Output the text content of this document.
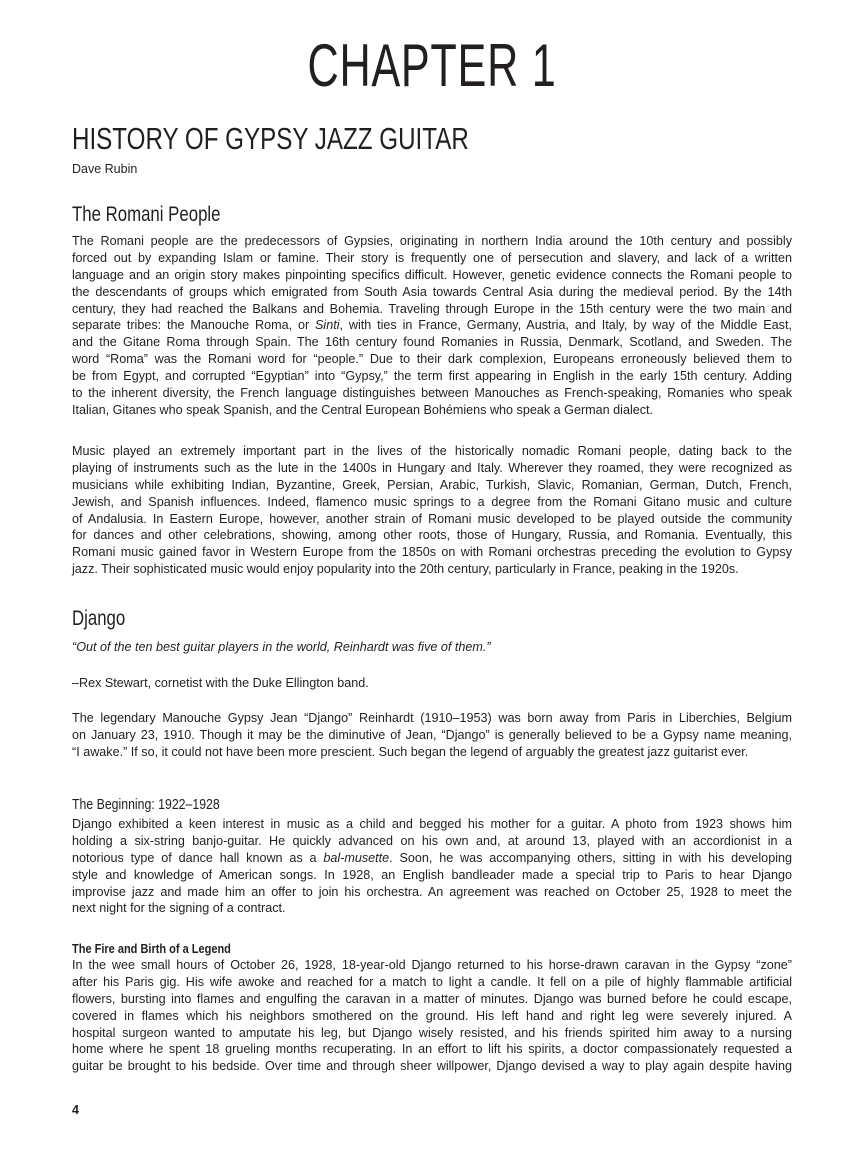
CHAPTER 1
HISTORY OF GYPSY JAZZ GUITAR
Dave Rubin
The Romani People
The Romani people are the predecessors of Gypsies, originating in northern India around the 10th century and possibly
forced out by expanding Islam or famine. Their story is frequently one of persecution and slavery, and lack of a written
language and an origin story makes pinpointing specifics difficult. However, genetic evidence connects the Romani people to
the descendants of groups which emigrated from South Asia towards Central Asia during the medieval period. By the 14th
century, they had reached the Balkans and Bohemia. Traveling through Europe in the 15th century were the two main and
separate tribes: the Manouche Roma, or Sinti, with ties in France, Germany, Austria, and Italy, by way of the Middle East,
and the Gitane Roma through Spain. The 16th century found Romanies in Russia, Denmark, Scotland, and Sweden. The
word “Roma” was the Romani word for “people.” Due to their dark complexion, Europeans erroneously believed them to
be from Egypt, and corrupted “Egyptian” into “Gypsy,” the term first appearing in English in the early 15th century. Adding
to the inherent diversity, the French language distinguishes between Manouches as French-speaking, Romanies who speak
Italian, Gitanes who speak Spanish, and the Central European Bohémiens who speak a German dialect.
Music played an extremely important part in the lives of the historically nomadic Romani people, dating back to the
playing of instruments such as the lute in the 1400s in Hungary and Italy. Wherever they roamed, they were recognized as
musicians while exhibiting Indian, Byzantine, Greek, Persian, Arabic, Turkish, Slavic, Romanian, German, Dutch, French,
Jewish, and Spanish influences. Indeed, flamenco music springs to a degree from the Romani Gitano music and culture
of Andalusia. In Eastern Europe, however, another strain of Romani music developed to be played outside the community
for dances and other celebrations, showing, among other roots, those of Hungary, Russia, and Romania. Eventually, this
Romani music gained favor in Western Europe from the 1850s on with Romani orchestras preceding the evolution to Gypsy
jazz. Their sophisticated music would enjoy popularity into the 20th century, particularly in France, peaking in the 1920s.
Django
“Out of the ten best guitar players in the world, Reinhardt was five of them.”
–Rex Stewart, cornetist with the Duke Ellington band.
The legendary Manouche Gypsy Jean “Django” Reinhardt (1910–1953) was born away from Paris in Liberchies, Belgium
on January 23, 1910. Though it may be the diminutive of Jean, “Django” is generally believed to be a Gypsy name meaning,
“I awake.” If so, it could not have been more prescient. Such began the legend of arguably the greatest jazz guitarist ever.
The Beginning: 1922–1928
Django exhibited a keen interest in music as a child and begged his mother for a guitar. A photo from 1923 shows him
holding a six-string banjo-guitar. He quickly advanced on his own and, at around 13, played with an accordionist in a
notorious type of dance hall known as a bal-musette. Soon, he was accompanying others, sitting in with his developing
style and knowledge of American songs. In 1928, an English bandleader made a special trip to Paris to hear Django
improvise jazz and made him an offer to join his orchestra. An agreement was reached on October 25, 1928 to meet the
next night for the signing of a contract.
The Fire and Birth of a Legend
In the wee small hours of October 26, 1928, 18-year-old Django returned to his horse-drawn caravan in the Gypsy “zone”
after his Paris gig. His wife awoke and reached for a match to light a candle. It fell on a pile of highly flammable artificial
flowers, bursting into flames and engulfing the caravan in a matter of minutes. Django was burned before he could escape,
covered in flames which his neighbors smothered on the ground. His left hand and right leg were severely injured. A
hospital surgeon wanted to amputate his leg, but Django wisely resisted, and his friends spirited him away to a nursing
home where he spent 18 grueling months recuperating. In an effort to lift his spirits, a doctor compassionately requested a
guitar be brought to his bedside. Over time and through sheer willpower, Django devised a way to play again despite having
4
